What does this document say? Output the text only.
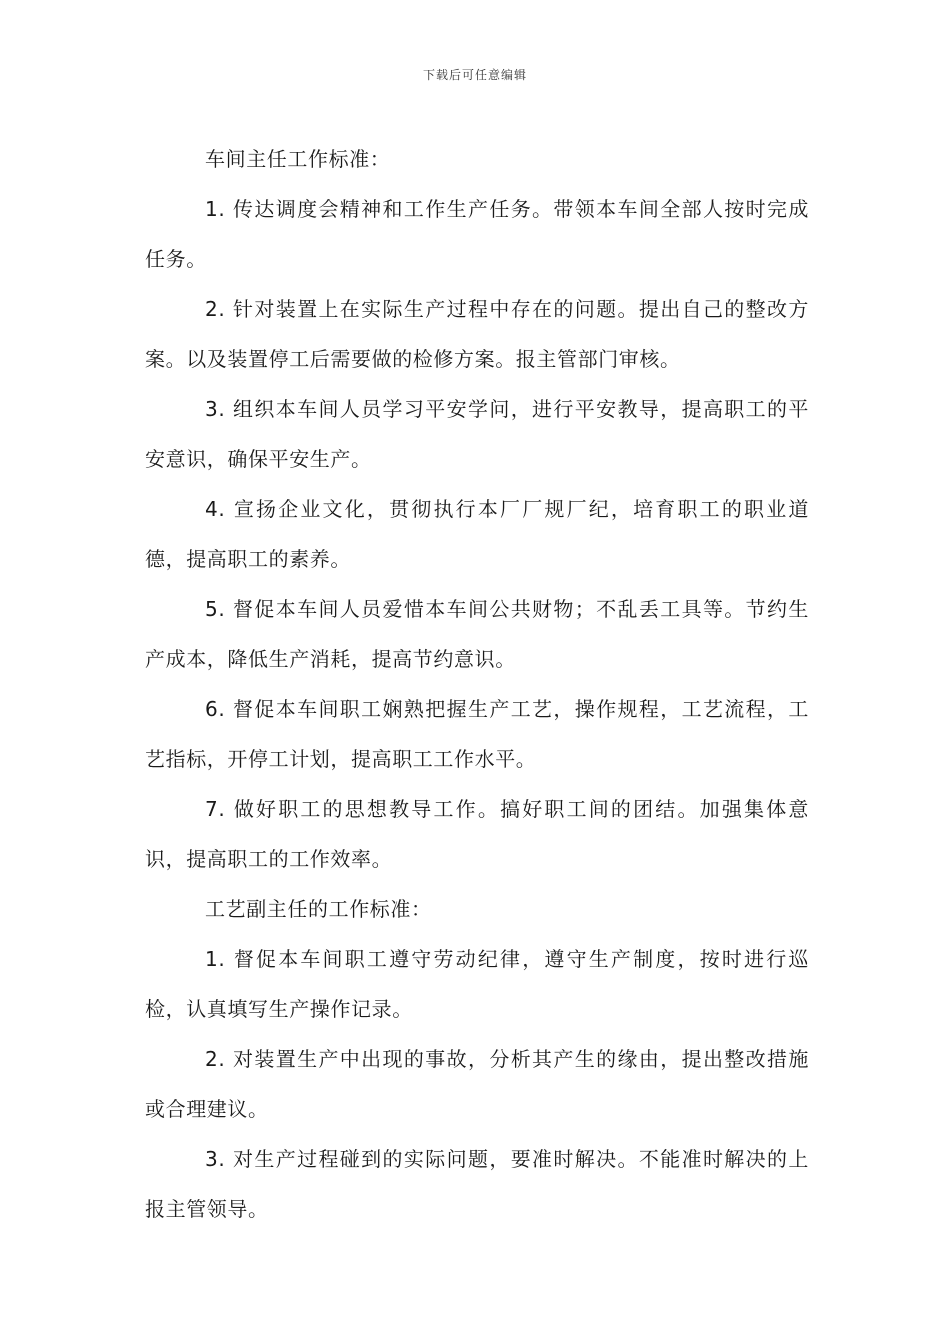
下载后可任意编辑

车间主任工作标准：

1. 传达调度会精神和工作生产任务。带领本车间全部人按时完成任务。

2. 针对装置上在实际生产过程中存在的问题。提出自己的整改方案。以及装置停工后需要做的检修方案。报主管部门审核。

3. 组织本车间人员学习平安学问，进行平安教导，提高职工的平安意识，确保平安生产。

4. 宣扬企业文化，贯彻执行本厂厂规厂纪，培育职工的职业道德，提高职工的素养。

5. 督促本车间人员爱惜本车间公共财物；不乱丢工具等。节约生产成本，降低生产消耗，提高节约意识。

6. 督促本车间职工娴熟把握生产工艺，操作规程，工艺流程，工艺指标，开停工计划，提高职工工作水平。

7. 做好职工的思想教导工作。搞好职工间的团结。加强集体意识，提高职工的工作效率。

工艺副主任的工作标准：

1. 督促本车间职工遵守劳动纪律，遵守生产制度，按时进行巡检，认真填写生产操作记录。

2. 对装置生产中出现的事故，分析其产生的缘由，提出整改措施或合理建议。

3. 对生产过程碰到的实际问题，要准时解决。不能准时解决的上报主管领导。
